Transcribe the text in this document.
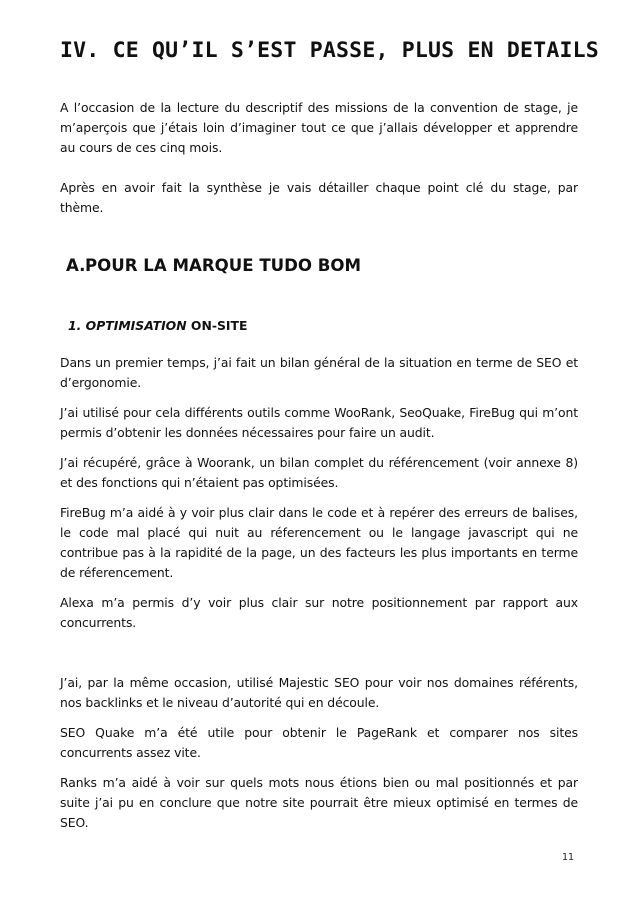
IV. CE QU’IL S’EST PASSE, PLUS EN DETAILS

A l’occasion de la lecture du descriptif des missions de la convention de stage, je m’aperçois que j’étais loin d’imaginer tout ce que j’allais développer et apprendre au cours de ces cinq mois.

Après en avoir fait la synthèse je vais détailler chaque point clé du stage, par thème.

A.POUR LA MARQUE TUDO BOM
1. OPTIMISATION ON-SITE

Dans un premier temps, j’ai fait un bilan général de la situation en terme de SEO et d’ergonomie.

J’ai utilisé pour cela différents outils comme WooRank, SeoQuake, FireBug qui m’ont permis d’obtenir les données nécessaires pour faire un audit.

J’ai récupéré, grâce à Woorank, un bilan complet du référencement (voir annexe 8) et des fonctions qui n’étaient pas optimisées.

FireBug m’a aidé à y voir plus clair dans le code et à repérer des erreurs de balises, le code mal placé qui nuit au réferencement ou le langage javascript qui ne contribue pas à la rapidité de la page, un des facteurs les plus importants en terme de réferencement.

Alexa m’a permis d’y voir plus clair sur notre positionnement par rapport aux concurrents.

J’ai, par la même occasion, utilisé Majestic SEO pour voir nos domaines référents, nos backlinks et le niveau d’autorité qui en découle.

SEO Quake m’a été utile pour obtenir le PageRank et comparer nos sites concurrents assez vite.

Ranks m’a aidé à voir sur quels mots nous étions bien ou mal positionnés et par suite j’ai pu en conclure que notre site pourrait être mieux optimisé en termes de SEO.

11
